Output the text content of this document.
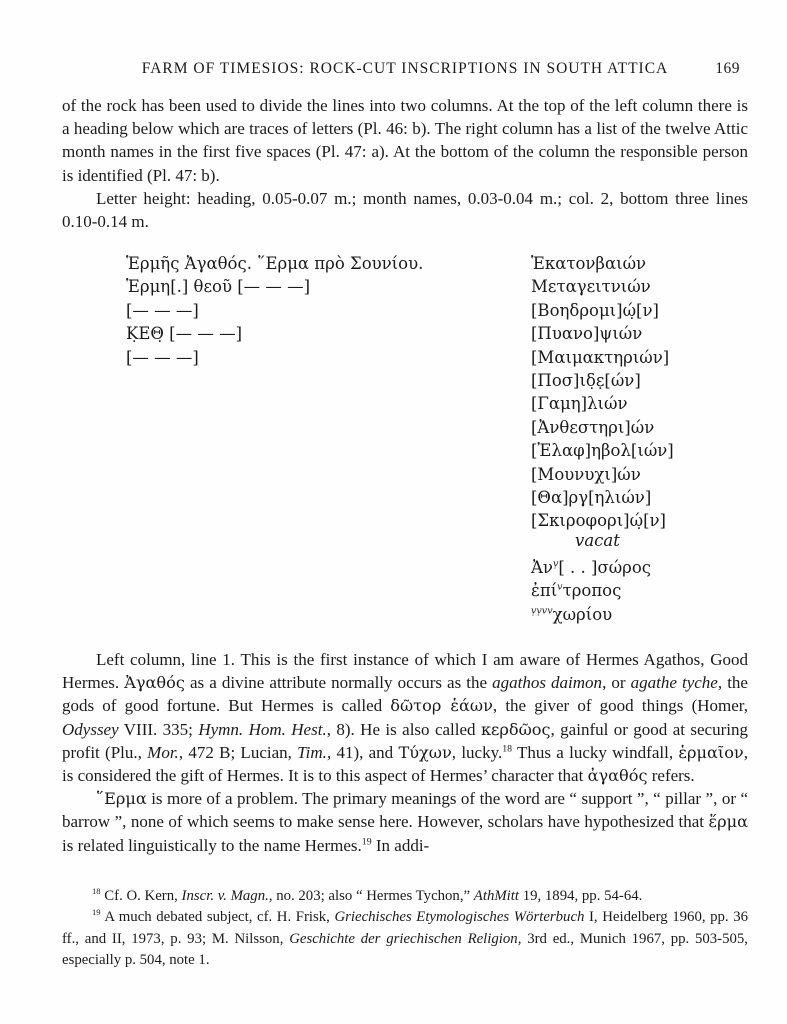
FARM OF TIMESIOS: ROCK-CUT INSCRIPTIONS IN SOUTH ATTICA	169

of the rock has been used to divide the lines into two columns. At the top of the left column there is a heading below which are traces of letters (Pl. 46: b). The right column has a list of the twelve Attic month names in the first five spaces (Pl. 47: a). At the bottom of the column the responsible person is identified (Pl. 47: b).

Letter height: heading, 0.05-0.07 m.; month names, 0.03-0.04 m.; col. 2, bottom three lines 0.10-0.14 m.

Ἑρμῆς Ἀγαθός. ῞Ερμα πρὸ Σουνίου.
Ἑρμη[.] θεοῦ [— — —]
[— — —]
Κ̣ΕΘ̣ [— — —]
[— — —]
Ἑκατονβαιών
Μεταγειτνιών
[Βοηδρομι]ώ̣[ν]
[Πυανο]ψιών
[Μαιμακτηριών]
[Ποσ]ιδ̣ε̣[ών]
[Γαμη]λιών
[Ἀνθεστηρι]ών
[Ἐλαφ]ηβολ[ιών]
[Μουνυχι]ών
[Θα]ργ[ηλιών]
[Σκιροφορι]ώ̣[ν]
vacat
Ἀν$^ṿ$[ . . ]σώρος
ἐπί$^v$τροπος
$^{ṿṿvv}$χωρίου

Left column, line 1. This is the first instance of which I am aware of Hermes Agathos, Good Hermes. Ἀγαθός as a divine attribute normally occurs as the agathos daimon, or agathe tyche, the gods of good fortune. But Hermes is called δῶτορ ἑάων, the giver of good things (Homer, Odyssey VIII. 335; Hymn. Hom. Hest., 8). He is also called κερδῶος, gainful or good at securing profit (Plu., Mor., 472 B; Lucian, Tim., 41), and Τύχων, lucky.$^{18}$ Thus a lucky windfall, ἑρμαῖον, is considered the gift of Hermes. It is to this aspect of Hermes’ character that ἀγαθός refers.

῞Ερμα is more of a problem. The primary meanings of the word are “ support ”, “ pillar ”, or “ barrow ”, none of which seems to make sense here. However, scholars have hypothesized that ἕρμα is related linguistically to the name Hermes.$^{19}$ In addi-

$^{18}$ Cf. O. Kern, Inscr. v. Magn., no. 203; also “ Hermes Tychon,” AthMitt 19, 1894, pp. 54-64.

$^{19}$ A much debated subject, cf. H. Frisk, Griechisches Etymologisches Wörterbuch I, Heidelberg 1960, pp. 36 ff., and II, 1973, p. 93; M. Nilsson, Geschichte der griechischen Religion, 3rd ed., Munich 1967, pp. 503-505, especially p. 504, note 1.
